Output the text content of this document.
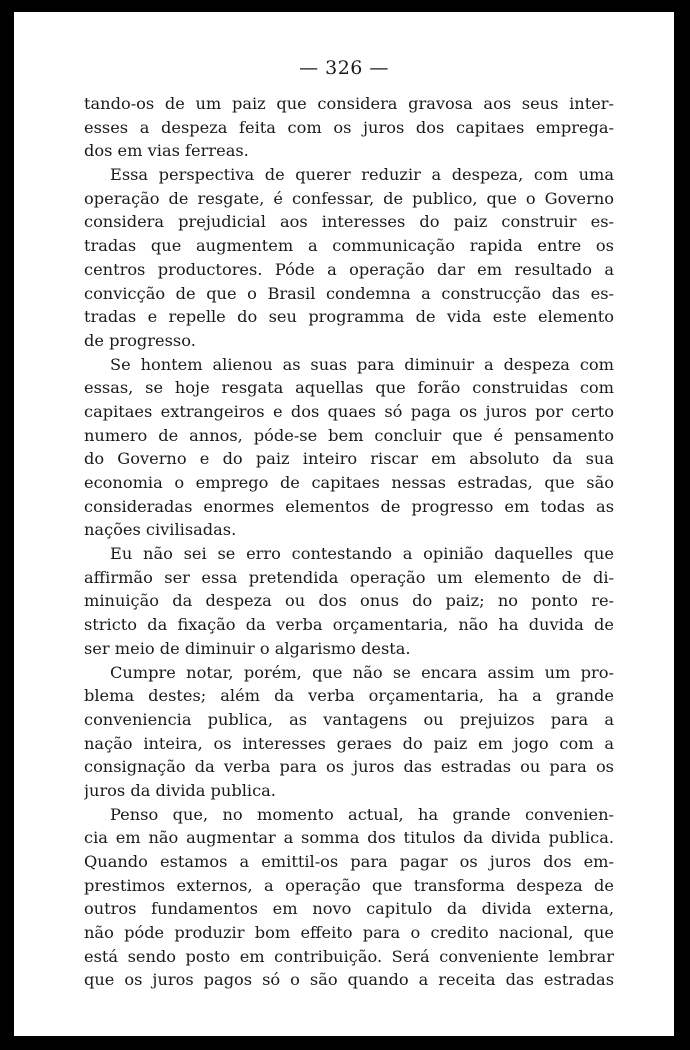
— 326 —
tando-os de um paiz que considera gravosa aos seus inter-
esses a despeza feita com os juros dos capitaes emprega-
dos em vias ferreas.
Essa perspectiva de querer reduzir a despeza, com uma
operação de resgate, é confessar, de publico, que o Governo
considera prejudicial aos interesses do paiz construir es-
tradas que augmentem a communicação rapida entre os
centros productores. Póde a operação dar em resultado a
convicção de que o Brasil condemna a construcção das es-
tradas e repelle do seu programma de vida este elemento
de progresso.
Se hontem alienou as suas para diminuir a despeza com
essas, se hoje resgata aquellas que forão construidas com
capitaes extrangeiros e dos quaes só paga os juros por certo
numero de annos, póde-se bem concluir que é pensamento
do Governo e do paiz inteiro riscar em absoluto da sua
economia o emprego de capitaes nessas estradas, que são
consideradas enormes elementos de progresso em todas as
nações civilisadas.
Eu não sei se erro contestando a opinião daquelles que
affirmão ser essa pretendida operação um elemento de di-
minuição da despeza ou dos onus do paiz; no ponto re-
stricto da fixação da verba orçamentaria, não ha duvida de
ser meio de diminuir o algarismo desta.
Cumpre notar, porém, que não se encara assim um pro-
blema destes; além da verba orçamentaria, ha a grande
conveniencia publica, as vantagens ou prejuizos para a
nação inteira, os interesses geraes do paiz em jogo com a
consignação da verba para os juros das estradas ou para os
juros da divida publica.
Penso que, no momento actual, ha grande convenien-
cia em não augmentar a somma dos titulos da divida publica.
Quando estamos a emittil-os para pagar os juros dos em-
prestimos externos, a operação que transforma despeza de
outros fundamentos em novo capitulo da divida externa,
não póde produzir bom effeito para o credito nacional, que
está sendo posto em contribuição. Será conveniente lembrar
que os juros pagos só o são quando a receita das estradas
